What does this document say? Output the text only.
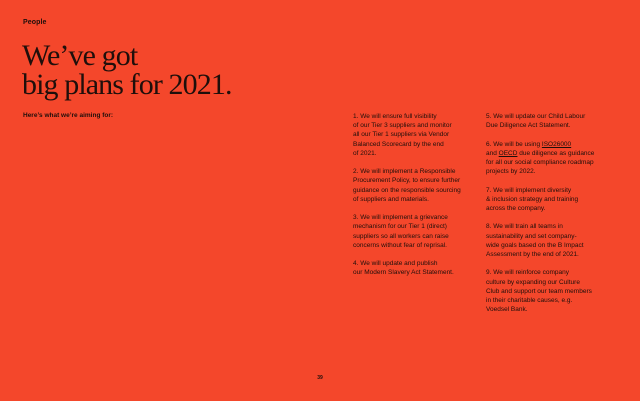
People
We’ve got
big plans for 2021.
Here’s what we’re aiming for:	1. We will ensure full visibility
of our Tier 3 suppliers and monitor
all our Tier 1 suppliers via Vendor
Balanced Scorecard by the end
of 2021.

2. We will implement a Responsible
Procurement Policy, to ensure further
guidance on the responsible sourcing
of suppliers and materials.

3. We will implement a grievance
mechanism for our Tier 1 (direct)
suppliers so all workers can raise
concerns without fear of reprisal.

4. We will update and publish
our Modern Slavery Act Statement.

5. We will update our Child Labour
Due Diligence Act Statement.

6. We will be using ISO26000
and OECD due diligence as guidance
for all our social compliance roadmap
projects by 2022.

7. We will implement diversity
& inclusion strategy and training
across the company.

8. We will train all teams in
sustainability and set company-
wide goals based on the B Impact
Assessment by the end of 2021.

9. We will reinforce company
culture by expanding our Culture
Club and support our team members
in their charitable causes, e.g.
Voedsel Bank.

39
